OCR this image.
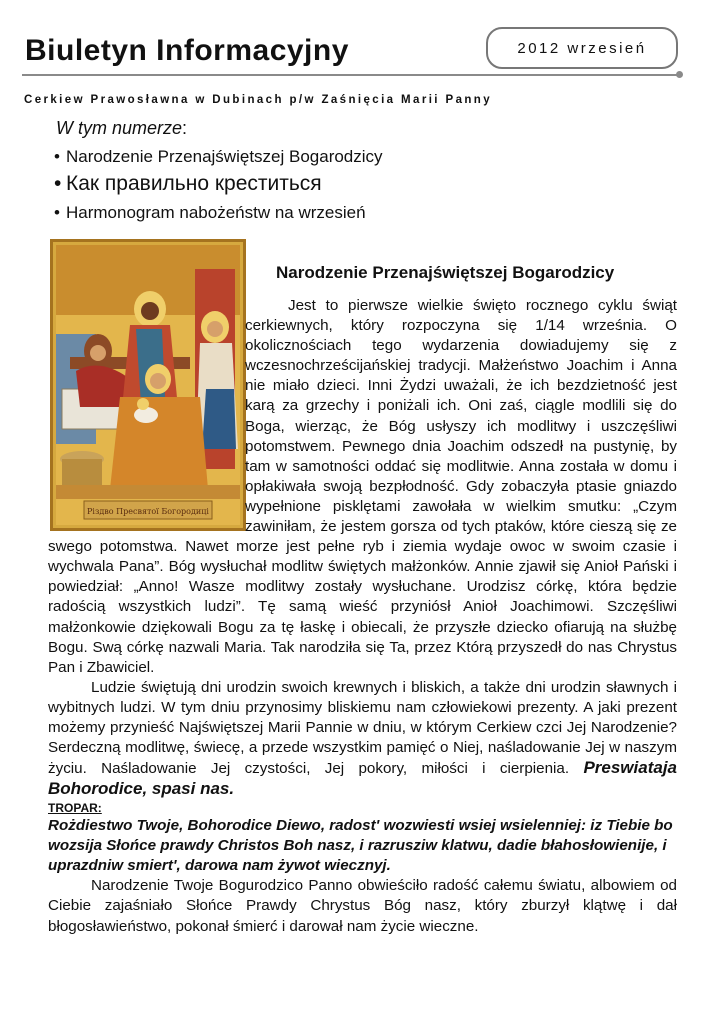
Biuletyn Informacyjny	2012 wrzesień
Cerkiew Prawosławna w Dubinach p/w Zaśnięcia Marii Panny
W tym numerze:
• Narodzenie Przenajświętszej Bogarodzicy
• Как правильно креститься
• Harmonogram nabożeństw na wrzesień
Різдво Пресвятої Богородиці
Narodzenie Przenajświętszej Bogarodzicy

Jest to pierwsze wielkie święto rocznego cyklu świąt cerkiewnych, który rozpoczyna się 1/14 września. O okolicznościach tego wydarzenia dowiadujemy się z wczesnochrześcijańskiej tradycji. Małżeństwo Joachim i Anna nie miało dzieci. Inni Żydzi uważali, że ich bezdzietność jest karą za grzechy i poniżali ich. Oni zaś, ciągle modlili się do Boga, wierząc, że Bóg usłyszy ich modlitwy i uszczęśliwi potomstwem. Pewnego dnia Joachim odszedł na pustynię, by tam w samotności oddać się modlitwie. Anna została w domu i opłakiwała swoją bezpłodność. Gdy zobaczyła ptasie gniazdo wypełnione pisklętami zawołała w wielkim smutku: „Czym zawiniłam, że jestem gorsza od tych ptaków, które cieszą się ze swego potomstwa. Nawet morze jest pełne ryb i ziemia wydaje owoc w swoim czasie i wychwala Pana”. Bóg wysłuchał modlitw świętych małżonków. Annie zjawił się Anioł Pański i powiedział: „Anno! Wasze modlitwy zostały wysłuchane. Urodzisz córkę, która będzie radością wszystkich ludzi”. Tę samą wieść przyniósł Anioł Joachimowi. Szczęśliwi małżonkowie dziękowali Bogu za tę łaskę i obiecali, że przyszłe dziecko ofiarują na służbę Bogu. Swą córkę nazwali Maria. Tak narodziła się Ta, przez Którą przyszedł do nas Chrystus Pan i Zbawiciel.

Ludzie świętują dni urodzin swoich krewnych i bliskich, a także dni urodzin sławnych i wybitnych ludzi. W tym dniu przynosimy bliskiemu nam człowiekowi prezenty. A jaki prezent możemy przynieść Najświętszej Marii Pannie w dniu, w którym Cerkiew czci Jej Narodzenie? Serdeczną modlitwę, świecę, a przede wszystkim pamięć o Niej, naśladowanie Jej w naszym życiu. Naśladowanie Jej czystości, Jej pokory, miłości i cierpienia. Preswiataja Bohorodice, spasi nas.

TROPAR:

Rożdiestwo Twoje, Bohorodice Diewo, radost' wozwiesti wsiej wsielenniej: iz Tiebie bo wozsija Słońce prawdy Christos Boh nasz, i razrusziw klatwu, dadie błahosłowienije, i uprazdniw smiert', darowa nam żywot wiecznyj.

Narodzenie Twoje Bogurodzico Panno obwieściło radość całemu światu, albowiem od Ciebie zajaśniało Słońce Prawdy Chrystus Bóg nasz, który zburzył klątwę i dał błogosławieństwo, pokonał śmierć i darował nam życie wieczne.
